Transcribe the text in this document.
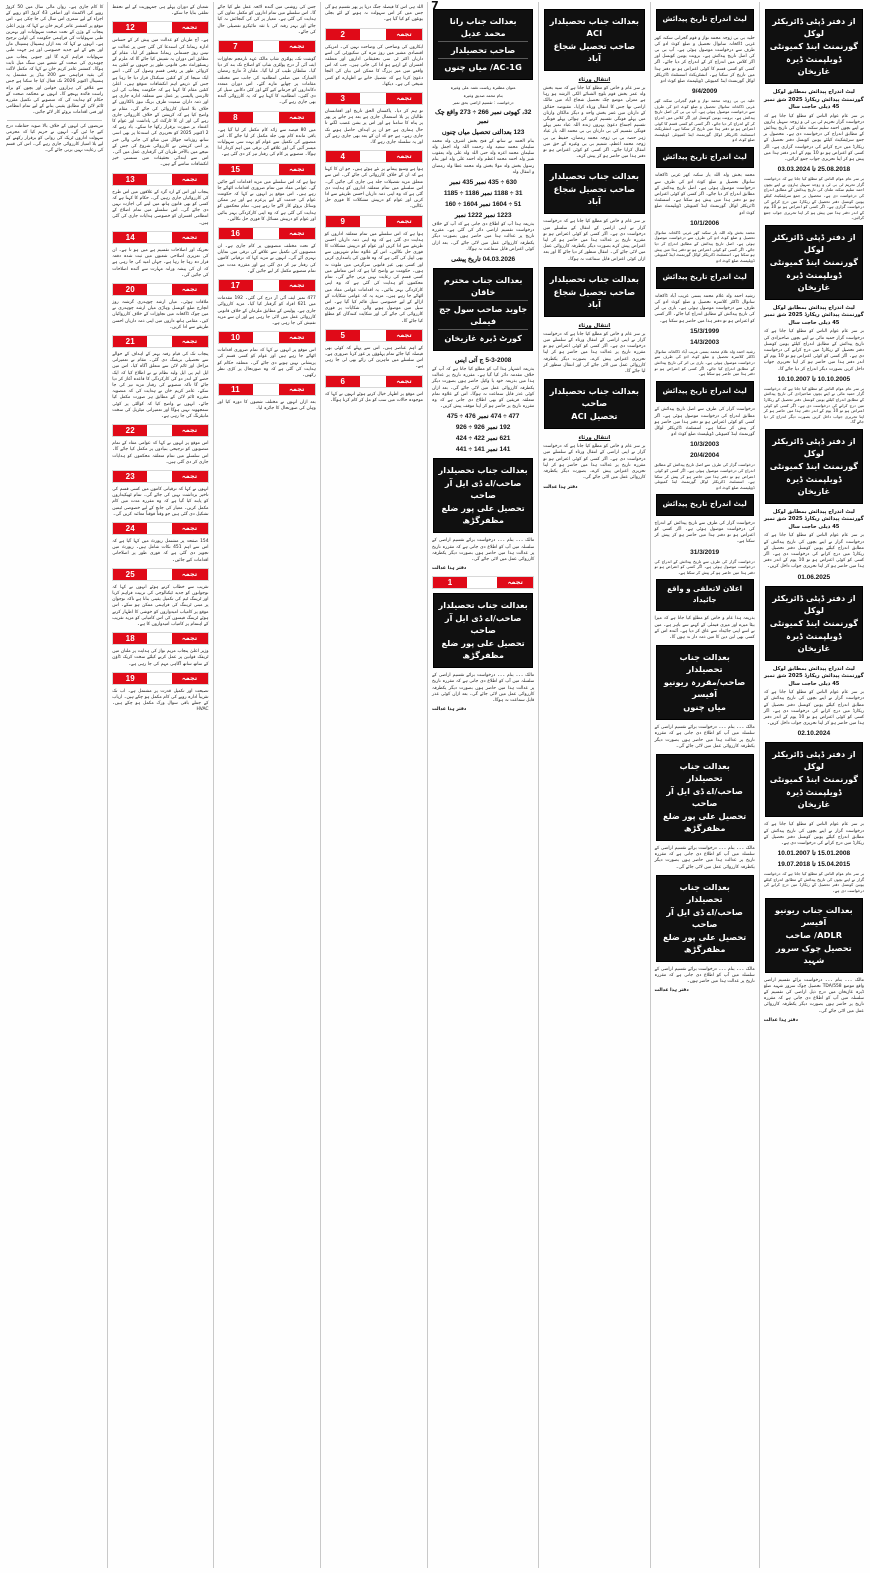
7
از دفتر ڈپٹی ڈائریکٹر لوکل
گورنمنٹ اینڈ کمیونٹی
ڈویلپمنٹ ڈیرہ غازیخان
لیٹ اندراج پیدائش بمطابق لوکل گورنمنٹ پیدائش ریکارڈ 2025 شق نمبر 45 ذیلی حاجت سال
بر سر عام عوام الناس کو مطلع کیا جاتا ہے کہ درخواست گزار تحریم ٹی بی ٹی و زوجہ سہیل ہارون نے اپنے بچوں احمد سلیم سکنہ ملتان کی تاریخ پیدائش کے مطابق اندراج کی درخواست دی ہے۔ محصول بر جمع سرٹیفکیٹ کیلئے یونین کونسل دفتر تحصیل کے ریکارڈ میں درج کرانے کی درخواست گزاری ہے۔ اگر کسی کو اعتراض ہو تو 10 یوم کے اندر دفتر ہذا میں پیش ہو کر اپنا تحریری جواب جمع کرائیں۔
25.08.2018 تا 03.03.2024
بر سر عام عوام الناس کو مطلع کیا جاتا ہے کہ درخواست گزار تحریم ٹی بی ٹی و زوجہ سہیل ہارون نے اپنے بچوں احمد سلیم سکنہ ملتان کی تاریخ پیدائش کے مطابق اندراج کی درخواست دی ہے۔ محصول بر جمع سرٹیفکیٹ کیلئے یونین کونسل دفتر تحصیل کے ریکارڈ میں درج کرانے کی درخواست گزاری ہے۔ اگر کسی کو اعتراض ہو تو 10 یوم کے اندر دفتر ہذا میں پیش ہو کر اپنا تحریری جواب جمع کرائیں۔
از دفتر ڈپٹی ڈائریکٹر لوکل
گورنمنٹ اینڈ کمیونٹی
ڈویلپمنٹ ڈیرہ غازیخان
لیٹ اندراج پیدائش بمطابق لوکل گورنمنٹ پیدائش ریکارڈ 2025 شق نمبر 45 ذیلی حاجت سال
بر سر عام عوام الناس کو مطلع کیا جاتا ہے کہ درخواست گزار حمید مائی نے اپنے بچوں صاحبزادی کی تاریخ پیدائش کے مطابق اندراج کیلئے یونین کونسل دفتر تحصیل کے ریکارڈ میں درج کرانے کی درخواست دی ہے۔ اگر کسی کو کوئی اعتراض ہو تو 10 یوم کے اندر دفتر ہذا میں حاضر ہو کر اپنا تحریری جواب داخل کریں بصورت دیگر اندراج کر دیا جائے گا۔
10.10.2005 تا 10.10.2007
بر سر عام عوام الناس کو مطلع کیا جاتا ہے کہ درخواست گزار حمید مائی نے اپنے بچوں صاحبزادی کی تاریخ پیدائش کے مطابق اندراج کیلئے یونین کونسل دفتر تحصیل کے ریکارڈ میں درج کرانے کی درخواست دی ہے۔ اگر کسی کو کوئی اعتراض ہو تو 10 یوم کے اندر دفتر ہذا میں حاضر ہو کر اپنا تحریری جواب داخل کریں بصورت دیگر اندراج کر دیا جائے گا۔
از دفتر ڈپٹی ڈائریکٹر لوکل
گورنمنٹ اینڈ کمیونٹی
ڈویلپمنٹ ڈیرہ غازیخان
لیٹ اندراج پیدائش بمطابق لوکل گورنمنٹ پیدائش ریکارڈ 2025 شق نمبر 45 ذیلی حاجت سال
بر سر عام عوام الناس کو مطلع کیا جاتا ہے کہ درخواست گزار نے اپنے بچوں کی تاریخ پیدائش کے مطابق اندراج کیلئے یونین کونسل دفتر تحصیل کے ریکارڈ میں درج کرانے کی درخواست دی ہے۔ اگر کسی کو کوئی اعتراض ہو تو 10 یوم کے اندر دفتر ہذا میں حاضر ہو کر اپنا تحریری جواب داخل کریں۔
01.06.2025
از دفتر ڈپٹی ڈائریکٹر لوکل
گورنمنٹ اینڈ کمیونٹی
ڈویلپمنٹ ڈیرہ غازیخان
لیٹ اندراج پیدائش بمطابق لوکل گورنمنٹ پیدائش ریکارڈ 2025 شق نمبر 45 ذیلی حاجت سال
بر سر عام عوام الناس کو مطلع کیا جاتا ہے کہ درخواست گزار نے اپنے بچوں کی تاریخ پیدائش کے مطابق اندراج کیلئے یونین کونسل دفتر تحصیل کے ریکارڈ میں درج کرانے کی درخواست دی ہے۔ اگر کسی کو کوئی اعتراض ہو تو 10 یوم کے اندر دفتر ہذا میں حاضر ہو کر اپنا تحریری جواب داخل کریں۔
02.10.2024
از دفتر ڈپٹی ڈائریکٹر لوکل
گورنمنٹ اینڈ کمیونٹی
ڈویلپمنٹ ڈیرہ غازیخان
بر سر عام عوام الناس کو مطلع کیا جاتا ہے کہ درخواست گزار نے اپنے بچوں کی تاریخ پیدائش کے مطابق اندراج کیلئے یونین کونسل دفتر تحصیل کے ریکارڈ میں درج کرانے کی درخواست دی ہے۔
15.01.2008 تا 10.01.2007
15.04.2015 تا 19.07.2018
بر سر عام عوام الناس کو مطلع کیا جاتا ہے کہ درخواست گزار نے اپنے بچوں کی تاریخ پیدائش کے مطابق اندراج کیلئے یونین کونسل دفتر تحصیل کے ریکارڈ میں درج کرانے کی درخواست دی ہے۔
بعدالت جناب ریونیو آفیسر
ADLR/ صاحب
تحصیل چوک سرور شہید
مالک ۔۔۔ بنام ۔۔۔ درخواست برائے تقسیم اراضی واقع موضع 558/TDA تحصیل چوک سرور شہید ضلع ڈیرہ غازیخان میں درج ذیل اراضی کی تقسیم کے سلسلہ میں آپ کو اطلاع دی جاتی ہے کہ مقررہ تاریخ پر حاضر ہوں بصورت دیگر یکطرفہ کارروائی عمل میں لائی جائے گی۔
دفتر ہذا عدالت
لیٹ اندراج تاریخ پیدائش
حلیہ بی بی زوجہ محمد نواز و قوم گجرانی سکنہ کھر غربی ڈاکخانہ سانوال تحصیل و ضلع کوٹ ادو کی طرف سے درخواست موصول ہوئی ہے۔ آپ بی بی کی اصل تاریخ پیدائش ہے۔ برونت یونین کونسل اور اگر کلاس میں اندراج کر کے اندراج کر دیا جائے۔ اگر کسی کو کسی قسم کا کوئی اعتراض ہو تو دفتر ہذا میں تاریخ کر سکتا ہے۔ انشٹریکٹ اسسٹنٹ ڈائریکٹر لوکل گورنمنٹ اینڈ کمیونٹی ڈویلپمنٹ ضلع کوٹ ادو
9/4/2009
حلیہ بی بی زوجہ محمد نواز و قوم گجرانی سکنہ کھر غربی ڈاکخانہ سانوال تحصیل و ضلع کوٹ ادو کی طرف سے درخواست موصول ہوئی ہے۔ آپ بی بی کی اصل تاریخ پیدائش ہے۔ برونت یونین کونسل اور اگر کلاس میں اندراج کر کے اندراج کر دیا جائے۔ اگر کسی کو کسی قسم کا کوئی اعتراض ہو تو دفتر ہذا میں تاریخ کر سکتا ہے۔ انشٹریکٹ اسسٹنٹ ڈائریکٹر لوکل گورنمنٹ اینڈ کمیونٹی ڈویلپمنٹ ضلع کوٹ ادو
لیٹ اندراج تاریخ پیدائش
محمد بخش ولد اللہ یار سکنہ کھر غربی ڈاکخانہ سانوال تحصیل و ضلع کوٹ ادو کی طرف سے درخواست موصول ہوئی ہے۔ اصل تاریخ پیدائش کے مطابق اندراج کر دیا جائے۔ اگر کسی کو کوئی اعتراض ہو تو دفتر ہذا میں پیش ہو سکتا ہے۔ اسسٹنٹ ڈائریکٹر لوکل گورنمنٹ اینڈ کمیونٹی ڈویلپمنٹ ضلع کوٹ ادو
10/1/2006
محمد بخش ولد اللہ یار سکنہ کھر غربی ڈاکخانہ سانوال تحصیل و ضلع کوٹ ادو کی طرف سے درخواست موصول ہوئی ہے۔ اصل تاریخ پیدائش کے مطابق اندراج کر دیا جائے۔ اگر کسی کو کوئی اعتراض ہو تو دفتر ہذا میں پیش ہو سکتا ہے۔ اسسٹنٹ ڈائریکٹر لوکل گورنمنٹ اینڈ کمیونٹی ڈویلپمنٹ ضلع کوٹ ادو
لیٹ اندراج تاریخ پیدائش
رشید احمد ولد غلام محمد بستی غریب آباد ڈاکخانہ سانوال ڈاکٹر کلاسرہ تحصیل و ضلع کوٹ ادو کی طرف سے درخواست موصول ہوئی ہے۔ باری بی اتر کی تاریخ پیدائش کے مطابق اندراج کیا جائے۔ اگر کسی کو اعتراض ہو تو دفتر ہذا میں حاضر ہو سکتا ہے۔
15/3/1999
14/3/2003
رشید احمد ولد غلام محمد بستی غریب آباد ڈاکخانہ سانوال ڈاکٹر کلاسرہ تحصیل و ضلع کوٹ ادو کی طرف سے درخواست موصول ہوئی ہے۔ باری بی اتر کی تاریخ پیدائش کے مطابق اندراج کیا جائے۔ اگر کسی کو اعتراض ہو تو دفتر ہذا میں حاضر ہو سکتا ہے۔
لیٹ اندراج تاریخ پیدائش
درخواست گزار کی طرف سے اصل تاریخ پیدائش کے مطابق اندراج کی درخواست موصول ہوئی ہے۔ اگر کسی کو کوئی اعتراض ہو تو دفتر ہذا میں حاضر ہو کر پیش کر سکتا ہے۔ اسسٹنٹ ڈائریکٹر لوکل گورنمنٹ اینڈ کمیونٹی ڈویلپمنٹ ضلع کوٹ ادو
10/3/2003
20/4/2004
درخواست گزار کی طرف سے اصل تاریخ پیدائش کے مطابق اندراج کی درخواست موصول ہوئی ہے۔ اگر کسی کو کوئی اعتراض ہو تو دفتر ہذا میں حاضر ہو کر پیش کر سکتا ہے۔ اسسٹنٹ ڈائریکٹر لوکل گورنمنٹ اینڈ کمیونٹی ڈویلپمنٹ ضلع کوٹ ادو
لیٹ اندراج تاریخ پیدائش
درخواست گزار کی طرف سے تاریخ پیدائش کے اندراج کی درخواست موصول ہوئی ہے۔ اگر کسی کو اعتراض ہو تو دفتر ہذا میں حاضر ہو کر پیش کر سکتا ہے۔
31/3/2019
درخواست گزار کی طرف سے تاریخ پیدائش کے اندراج کی درخواست موصول ہوئی ہے۔ اگر کسی کو اعتراض ہو تو دفتر ہذا میں حاضر ہو کر پیش کر سکتا ہے۔
اعلان لاتعلقی و واقع جائیداد
بذریعہ ہذا عام و خاص کو مطلع کیا جاتا ہے کہ میرا بیٹا میرے اور میری فیملی کے کہنے سے باہر ہے۔ میں نے اسے اپنی جائیداد سے عاق کر دیا ہے۔ آئندہ اس کے کسی بھی لین دین کا میں ذمہ دار نہ ہوں گا۔
بعدالت جناب تحصیلدار
صاحب/مقررہ ریونیو آفیسر
میاں چنوں
مالک ۔۔۔ بنام ۔۔۔ درخواست برائے تقسیم اراضی کے سلسلہ میں آپ کو اطلاع دی جاتی ہے کہ مقررہ تاریخ پر عدالت ہذا میں حاضر ہوں بصورت دیگر یکطرفہ کارروائی عمل میں لائی جائے گی۔
بعدالت جناب تحصیلدار
صاحب/اے ڈی ایل آر صاحب
تحصیل علی پور ضلع مظفرگڑھ
مالک ۔۔۔ بنام ۔۔۔ درخواست برائے تقسیم اراضی کے سلسلہ میں آپ کو اطلاع دی جاتی ہے کہ مقررہ تاریخ پر عدالت ہذا میں حاضر ہوں بصورت دیگر یکطرفہ کارروائی عمل میں لائی جائے گی۔
بعدالت جناب تحصیلدار
صاحب/اے ڈی ایل آر صاحب
تحصیل علی پور ضلع مظفرگڑھ
مالک ۔۔۔ بنام ۔۔۔ درخواست برائے تقسیم اراضی کے سلسلہ میں آپ کو اطلاع دی جاتی ہے کہ مقررہ تاریخ پر عدالت ہذا میں حاضر ہوں۔
دفتر ہذا عدالت
بعدالت جناب تحصیلدار ACI
صاحب تحصیل شجاع آباد
انتقال ورثاء
بر سر عام و خاص کو مطلع کیا جاتا ہے کہ سید بخش ولد عمر بخش قوم بلوچ الشنائے الکی الرشد ہو رہا ہے معزلی موضع چک تحصیل شجاع آباد میں مالک اراضی تھا جس کا انتقال ورثاء کرایا۔ مقبوضہ حقائق کے دارثان میں عمر بخش واحد و دیگر مالکان وارثان میں پہلے فوتگی تقسیم کرنے کی ہوائی پہلے فوتگی تقسیم اجتماع دعویٰ پہروں زندہ اللہ عباد نمبر پہلے فوتگی تقسیم کی بی دارثان بی بی محمد اللہ یار عباد زہر حصہ بی بی زوجہ محمد رمضان، حفیظ بی بی زوجہ محمد اعظم، شمیم بی بی وغیرہ کے حق میں انتقال کرایا جائے۔ اگر کسی کو کوئی اعتراض ہو تو دفتر ہذا میں حاضر ہو کر پیش کرے۔
بعدالت جناب تحصیلدار
صاحب تحصیل شجاع آباد
بر سر عام و خاص کو مطلع کیا جاتا ہے کہ درخواست گزار نے اپنی اراضی کے انتقال کے سلسلے میں درخواست دی ہے۔ اگر کسی کو کوئی اعتراض ہو تو مقررہ تاریخ پر عدالت ہذا میں حاضر ہو کر اپنا اعتراض پیش کرے بصورت دیگر یکطرفہ کارروائی عمل میں لائی جائے گی۔ انتقال منظور کر دیا جائے گا اور بعد ازاں کوئی اعتراض قابل سماعت نہ ہوگا۔
بعدالت جناب تحصیلدار
صاحب تحصیل شجاع آباد
انتقال ورثاء
بر سر عام و خاص کو مطلع کیا جاتا ہے کہ درخواست گزار نے اپنی اراضی کے انتقال ورثاء کے سلسلے میں درخواست دی ہے۔ اگر کسی کو کوئی اعتراض ہو تو مقررہ تاریخ پر عدالت ہذا میں حاضر ہو کر اپنا تحریری اعتراض پیش کرے۔ بصورت دیگر یکطرفہ کارروائی عمل میں لائی جائے گی اور انتقال منظور کر لیا جائے گا۔
بعدالت جناب تحصیلدار صاحب
تحصیل ACI
انتقال ورثاء
بر سر عام و خاص کو مطلع کیا جاتا ہے کہ درخواست گزار نے اپنی اراضی کے انتقال ورثاء کے سلسلے میں درخواست دی ہے۔ اگر کسی کو کوئی اعتراض ہو تو مقررہ تاریخ پر عدالت ہذا میں حاضر ہو کر اپنا تحریری اعتراض پیش کرے۔ بصورت دیگر یکطرفہ کارروائی عمل میں لائی جائے گی۔
دفتر ہذا عدالت
بعدالت جناب رانا محمد عدیل
صاحب تحصیلدار
AC-1G/ میاں چنوں
عنوان مظفرہ ریاست نغمہ علی وغیرہ
بنام محمد صدیق وغیرہ
درخواست : تقسیم اراضی بحق نمبر
32، کھوتی نمبر 266 ÷ 273 واقع چک نمبر
123 بعدالتی تحصیل میاں چنوں
بنام الحمد تے ساتھ کے فتح بخش اشرف ولد محمد سلیمان محمد سعید ولد رحمت اللہ ولد اجمل ولد سلیمان محمد اعزہ ولد حتی اللہ ولد علی ولد یعقوب شیر ولد احمد محمد اعظم ولد احمد علی ولد انور بنام رسول بخش ولد مولا بخش ولد محمد عطا ولد رمضان و انتقال ولد
630 ÷ 435 نمبر 435 نمبر
31 ÷ 1188 نمبر 1186 ÷ 1185
51 ÷ 1604 نمبر 1604 ÷ 160
1223 نمبر 1222 نمبر
بذریعہ ہذا آپ کو اطلاع دی جاتی ہے کہ آپ کے خلاف درخواست تقسیم اراضی دائر کی گئی ہے۔ مقررہ تاریخ پر عدالت ہذا میں حاضر ہوں بصورت دیگر یکطرفہ کارروائی عمل میں لائی جائے گی۔ بعد ازاں کوئی اعتراض قابل سماعت نہ ہوگا۔
04.03.2026 تاریخ پیشی
بعدالت جناب محترم خاقان
جاوید صاحب سول جج فیملی
کورٹ ڈیرہ غازیخان
5-3-2008 ج آئی ایس
بذریعہ اشتہار ہذا آپ کو مطلع کیا جاتا ہے کہ آپ کے خلاف مقدمہ دائر کیا گیا ہے۔ مقررہ تاریخ پر عدالت ہذا میں بذریعہ خود یا وکیل حاضر ہوں بصورت دیگر یکطرفہ کارروائی عمل میں لائی جائے گی۔ بعد ازاں کوئی عذر قابل سماعت نہ ہوگا۔ اس کے علاوہ تمام متعلقہ فریقین کو بھی اطلاع دی جاتی ہے کہ وہ مقررہ تاریخ پر حاضر ہو کر اپنا موقف پیش کریں۔
477 ÷ 474 نمبر 476 ÷ 475
192 نمبر 926 ÷ 926
621 نمبر 422 ÷ 424
141 نمبر 141 ÷ 441
بعدالت جناب تحصیلدار
صاحب/اے ڈی ایل آر صاحب
تحصیل علی پور ضلع مظفرگڑھ
مالک ۔۔۔ بنام ۔۔۔ درخواست برائے تقسیم اراضی کے سلسلہ میں آپ کو اطلاع دی جاتی ہے کہ مقررہ تاریخ پر عدالت ہذا میں حاضر ہوں بصورت دیگر یکطرفہ کارروائی عمل میں لائی جائے گی۔
دفتر ہذا عدالت
1	تجمہ
بعدالت جناب تحصیلدار
صاحب/اے ڈی ایل آر صاحب
تحصیل علی پور ضلع مظفرگڑھ
مالک ۔۔۔ بنام ۔۔۔ درخواست برائے تقسیم اراضی کے سلسلہ میں آپ کو اطلاع دی جاتی ہے کہ مقررہ تاریخ پر عدالت ہذا میں حاضر ہوں بصورت دیگر یکطرفہ کارروائی عمل میں لائی جائے گی۔ بعد ازاں کوئی عذر قابل سماعت نہ ہوگا۔
دفتر ہذا عدالت
اللہ ہی اس کا فیصلہ جنگ دریا پر پھر تقسیم ہو گی جس میں کر اس سہولت نہ ہونے کے لئے بجلی یونٹوں کو کیا گیا ہے۔
2	تجمہ
ابکاروں کی وضاحتی کی وضاحت نہیں کی۔ امریکی اقتصادی مشیر میں روز مرہ کی سکیورٹی کی اسے داریاں اکثر ٹی سی تحقیقاتی اداروں اور متعلقہ افسران کے ارہے ہو ادا کی جاتی ہیں۔ جب کہ اس واقعے میں میر بزرگ کا ممکن اس بیان کی التجا دعویٰ کرتا ہے کہ تفصیل خانے نے اظہارے کو کتنی شیخی کی ہے۔ دیکھا۔
3	تجمہ
تو ہم کر دیا۔ پاکستان الحق تاریخ اور افغانستان طالبان پر بلا استعمال جاری ہے بعد ہر جاتے پر پھر پر پناہ کا سامنا ہے اور اس پر بشن غضب لگنے تا حال ہماری ہے جو ان پر اہداف حاصل ہونے تک جاری رہے۔ ہے جو کہ ان کے بعد بھی جاری رہے گی اور یہ سلسلہ جاری رہے گا۔
4	تجمہ
ہوا ہے وسیع پیمانے پر نئے ہوئے ہیں۔ جو ان کا کہنا ہے کہ ان کے خلاف کارروائی کی جائے گی۔ اس سے متعلق مزید تفصیلات جلد ہی جاری کی جائیں گی۔ اس سلسلے میں تمام متعلقہ اداروں کو ہدایت دی گئی ہے کہ وہ اپنی ذمہ داریاں احسن طریقے سے ادا کریں اور عوام کو درپیش مشکلات کا فوری حل نکالیں۔
9	تجمہ
ہوا ہے کہ اس سلسلے میں تمام متعلقہ اداروں کو ہدایت دی گئی ہے کہ وہ اپنی ذمہ داریاں احسن طریقے سے ادا کریں اور عوام کو درپیش مشکلات کا فوری حل نکالیں۔ اس کے علاوہ تمام شہریوں سے بھی اپیل کی گئی ہے کہ وہ قانون کی پاسداری کریں اور کسی بھی غیر قانونی سرگرمی میں ملوث نہ ہوں۔ حکومت نے واضح کیا ہے کہ اس معاملے میں کسی قسم کی رعایت نہیں برتی جائے گی۔ تمام محکموں کو ہدایت کی گئی ہے کہ وہ اپنی کارکردگی بہتر بنائیں۔ یہ اقدامات عوامی مفاد میں اٹھائے جا رہے ہیں۔ مزید یہ کہ عوامی شکایات کے ازالے کے لیے خصوصی سیل قائم کیا گیا ہے۔ اس سیل میں موصول ہونے والی شکایات پر فوری کارروائی کی جائے گی اور شکایت کنندگان کو مطلع کیا جائے گا۔
5	تجمہ
کے اہم عناصر ہیں۔ اس سے پہلے کہ کوئی بھی فیصلہ کیا جائے تمام پہلوؤں پر غور کرنا ضروری ہے۔ اس سلسلے میں ماہرین کی رائے بھی لی جا رہی ہے۔
6	تجمہ
اس موقع پر اظہار خیال کرتے ہوئے انہوں نے کہا کہ موجودہ حالات میں سب کو مل کر کام کرنا ہوگا۔
جس کی روشنی میں آئندہ لائحہ عمل طے کیا جائے گا۔ اس سلسلے میں تمام اداروں کو مکمل تعاون کی ہدایت کی گئی ہے۔ معیار پر کی کی گنجائش نہ کیا جائے اور بہتر رفتہ کی با ثقہ مائیکرو تفصیلی حال کی جائے۔
7	تجمہ
گوشت تک، پولٹری شاپ مالک عہد نارمجم تجاوزات ایف آئی آر درج پولٹری شاپ کو اصلاح تک بند کر دیا گیا۔ سلطان طیب کر لیا گیا۔ ملتان 3 مارچ رمضان المبارک میں ضلعی انتظامیہ کی جانب سے مختلف مقامات پر چھاپے مارے گئے۔ اس دوران متعدد دکانداروں کو جرمانے کیے گئے اور کئی دکانیں سیل کر دی گئیں۔ انتظامیہ کا کہنا ہے کہ یہ کارروائی آئندہ بھی جاری رہے گی۔
8	تجمہ
میں 80 فیصد سے زائد کام مکمل کر لیا گیا ہے۔ باقی ماندہ کام بھی جلد مکمل کر لیا جائے گا۔ اس منصوبے کی تکمیل سے عوام کو بہت سی سہولیات میسر آئیں گی اور علاقے کی ترقی میں اہم کردار ادا ہوگا۔ منصوبے پر کام کی رفتار تیز کر دی گئی ہے۔
15	تجمہ
ہوا ہے کہ اس سلسلے میں مزید اقدامات کیے جائیں گے۔ عوامی مفاد میں تمام ضروری اقدامات اٹھائے جا رہے ہیں۔ اس موقع پر انہوں نے کہا کہ حکومت عوام کی خدمت کے لیے پرعزم ہے اور ہر ممکن وسائل بروئے کار لائے جا رہے ہیں۔ تمام محکموں کو ہدایت کی گئی ہے کہ وہ اپنی کارکردگی بہتر بنائیں اور عوام کو درپیش مسائل کا فوری حل نکالیں۔
16	تجمہ
کے تحت مختلف منصوبوں پر کام جاری ہے۔ ان منصوبوں کی تکمیل سے علاقے کی ترقی میں نمایاں بہتری آئے گی۔ انہوں نے مزید کہا کہ ترقیاتی کاموں کی رفتار تیز کر دی گئی ہے اور مقررہ مدت میں تمام منصوبے مکمل کر لیے جائیں گے۔
17	تجمہ
477 نمبر ایف آئی آر درج کی گئی۔ 192 مقدمات میں 621 افراد کو گرفتار کیا گیا۔ مزید کارروائی جاری ہے۔ پولیس کے مطابق ملزمان کے خلاف قانونی کارروائی عمل میں لائی جا رہی ہے اور ان سے مزید تفتیش کی جا رہی ہے۔
10	تجمہ
اس موقع پر انہوں نے کہا کہ تمام ضروری اقدامات اٹھائے جا رہے ہیں اور عوام کو کسی قسم کی پریشانی نہیں ہونے دی جائے گی۔ متعلقہ حکام کو ہدایت کی گئی ہے کہ وہ صورتحال پر کڑی نظر رکھیں۔
11	تجمہ
بعد ازاں انہوں نے مختلف شعبوں کا دورہ کیا اور وہاں کی صورتحال کا جائزہ لیا۔
شعبان کے دوران پہلے ہی جمہوریت کے لیے تحفظ تعلقی بنایا جا سکے۔
12	تجمہ
ہے۔ آج طربان کو عدالت میں پیش کر کے حساس ادارہ ریمانڈ کی استدعا کی گئی جس پر عدالت نے تیس روز جسمانی ریمانڈ منظور کر لیا۔ مقام کے مطابق اس دوران یہ تفتیش کیا جائے گا کہ ملزم کے ریسٹورانٹ نجی قانونی طور پر جنہوں نے کنٹین بند کروائی طور پر رقمی قسم وصول کی گئی۔ اسے ایک سیجا کر کے کنٹین سیکنڈل قرار دیا جا رہا ہے جس کے ذریعے اہم انکشافات متوقع ہیں۔ اعلیٰ کنٹین مقام کا کہنا ہے کہ حکومت پنجاب کی این ٹالرنس پالیسی پر عمل سے متعلقہ ادارہ جاری ہے اور ذمہ داران سمیت طرف بریگ نیوز بالکاروں کے خلاف بلا امتیاز کارروائی کی جائے گی۔ مقام نے واضح کیا ہے کہ کرپشن کے خلاف کارروائی جاری رہے گی اور ان کا ٹارگٹ کی پاداشت اور عوام کا اعتماد بر صورت برقرار رکھا جا سکے۔ یاد رہے کہ 2 اکتوبر 2025 کو تحریری کی استدعا پر بھی اسی ساتھ روزنامہ جوائل میں شائع کی جانی والی خبر پر اتنی کرپشن نے کارروائی شروع کی جس کے نتیجے میں بالآخر طربان کی گرفتاری عمل میں آئی۔ اس سے ابتدائی تحقیقات میں سنسنی خیز انکشافات سامنے آئے ہیں۔
13	تجمہ
پنجاب اور اس کے ارد گرد کے علاقوں میں اس طرح کی کارروائیاں جاری رہیں گی۔ حکام کا کہنا ہے کہ کسی کو بھی قانون ہاتھ میں لینے کی اجازت نہیں دی جائے گی۔ اس سلسلے میں تمام اضلاع کے انتظامی افسران کو خصوصی ہدایات جاری کی گئی ہیں۔
14	تجمہ
تحریک اور اصلاحات تقسیم ہے میں ہو تا ہے۔ ان کی تعزیری اصلاحی شعبوں میں ثبت شدہ دفعہ قرار دہ رہا جا رہا ہے۔ جہاں امید کی جا رہی ہے کہ ان کی پیشہ ورانہ مہارت سے آئندہ اصلاحات کی جائیں گی۔
20	تجمہ
ملاقات ہوئی۔ میاں ارشد چوہدری گزشتہ روز انچارج ضلع کونسل وہاڑی میاں ارشد چوہدری نے مین چوک ڈاکخانہ میں تجاوزات کے خلاف کارروائیاں کیں۔ مقامی ہاتھ داروں میں اپنی ذمہ داریاں احسن طریقے سے ادا کریں۔
21	تجمہ
پنجاب تک کی قیام رفتہ بہتر کے اہداف کے حوالے سے تحصیلی بریفنگ دی گئی۔ مقام نے تعمیراتی مراحل اور ٹائم لائن سے متعلق آگاہ کیا۔ اس میں ایل ایم پی ایل ولید نظام نے نے اطلاع کیا کہ ایک حصے کے اندر دو کی کارکردگی کا قاعدہ آغاز کر دیا جائے گا تاکہ منصوبے کی رفتار مزید تیز کی جا سکے۔ عامر کریم خان نے ہدایت کی کہ منصوبہ مقررہ ٹائم لائن کے مطابق ہر صورت مکمل کیا جائے۔ انہوں نے واضح کیا کہ کوالٹی پر کوئی سمجھوتہ نہیں ہوگا اور تعمیراتی میٹریل کی سخت مانیٹرنگ کی جا رہی ہے۔
22	تجمہ
اس موقع پر انہوں نے کہا کہ عوامی مفاد کے تمام منصوبوں کو ترجیحی بنیادوں پر مکمل کیا جائے گا۔ اس سلسلے میں تمام متعلقہ محکموں کو ہدایات جاری کر دی گئی ہیں۔
23	تجمہ
انہوں نے کہا کہ ترقیاتی کاموں میں کسی قسم کی تاخیر برداشت نہیں کی جائے گی۔ تمام ٹھیکیداروں کو پابند کیا گیا ہے کہ وہ مقررہ مدت میں کام مکمل کریں۔ معیار کی جانچ کے لیے خصوصی ٹیمیں تشکیل دی گئی ہیں جو وقتاً فوقتاً معائنہ کریں گی۔
24	تجمہ
154 صفحہ پر مشتمل رپورٹ میں کہا گیا ہے کہ اس سے اہم 451 نکات شامل ہیں۔ رپورٹ میں تجویز دی گئی ہے کہ فوری طور پر اصلاحاتی اقدامات کیے جائیں۔
25	تجمہ
تقریب سے خطاب کرتے ہوئے انہوں نے کہا کہ نوجوانوں کو جدید ٹیکنالوجی کی تربیت فراہم کرنا اور ٹریننگ ٹیم کی تکمیل یقینی بنانا ہے تاکہ نوجوان پر مبنی ٹریننگ کی فراہمی ممکن ہو سکے۔ اس موقع پر کامیاب امیدواروں کو خوشی کا اظہار کرتے ہوئے ٹریننگ فیسوں کی اس کامیابی کو مزید تقریب کے اہتمام پر کامیاب امیدواروں کا ہے۔
18	تجمہ
وزیر اعلیٰ پنجاب مریم نواز کی ہدایت پر ملتان میں ٹریفک قوانین پر عمل کرنے کیلئے سخت کریک ڈاؤن کے ساتھ ساتھ آگاہی مہم کی جا رہی ہے۔
19	تجمہ
تصیحت اور تکمیل قدرت پر مشتمل ہے۔ اب تک تقریباً ادارہ روپے کی کام مکمل ہو چکے ہیں۔ ارباب کے جملے باقی سوال ورک مکمل ہو چکے ہیں۔ HVAC
کا کام جاری ہے۔ رواں مالی سال میں 50 کروڑ روپے کی الاٹمنٹ اور اضافی 43 کروڑ اکو روپے کے اجراء کے لیے سمری اس سال کی جا چکی ہے۔ اس موقع پر کمشنر عامر کریم خان نے کہا کہ وزیر اعلیٰ پنجاب کے وژن کے تحت صحت سہولیات اور بہترین طبی سہولیات کی فراہمی حکومت کی اولین ترجیح ہے۔ انہوں نے کہا کہ بعد ازاں ہسپتال ہسپتال ماں اور بچے کے لیے جدید خصوصی اور ہر جہت طبی سہولیات فراہم کرے گا اور جنوبی پنجاب میں چوہدری کی صحت کے شعبے میں سنگ میل ثابت ہوگا۔ کمشنر عامر کریم خان نے کہا کہ مکمل لاگت کی بقیہ فراہمی سے 200 بیڈز پر مشتمل یہ ہسپتال اکتوبر 2026 تک فعال کیا جا سکتا ہے جس سے علاقے کی ہزاروں خواتین اور بچوں کو براہ راست فائدہ پہنچے گا۔ انہوں نے محکمہ صحت کے حکام کو ہدایت کی کہ منصوبے کی تکمیل مقررہ ٹائم لائن کے مطابق یقینی بنانے کے لیے تمام انتظامی اور فنی اقدامات بروئے کار لائے جائیں۔
مریضوں کی انہوں کے خلاف بالا صوبہ حفاظت درج کیے جا ئیں گے۔ انہوں نے حریم کیا کہ محرمی سہولت اداروں ٹریک کی روانی کو برقرار رکھنے کے لیے بلا امتیاز کارروائی جاری رہے گی۔ اس کی قسم کی رعایت نہیں برتی جائے گی۔
